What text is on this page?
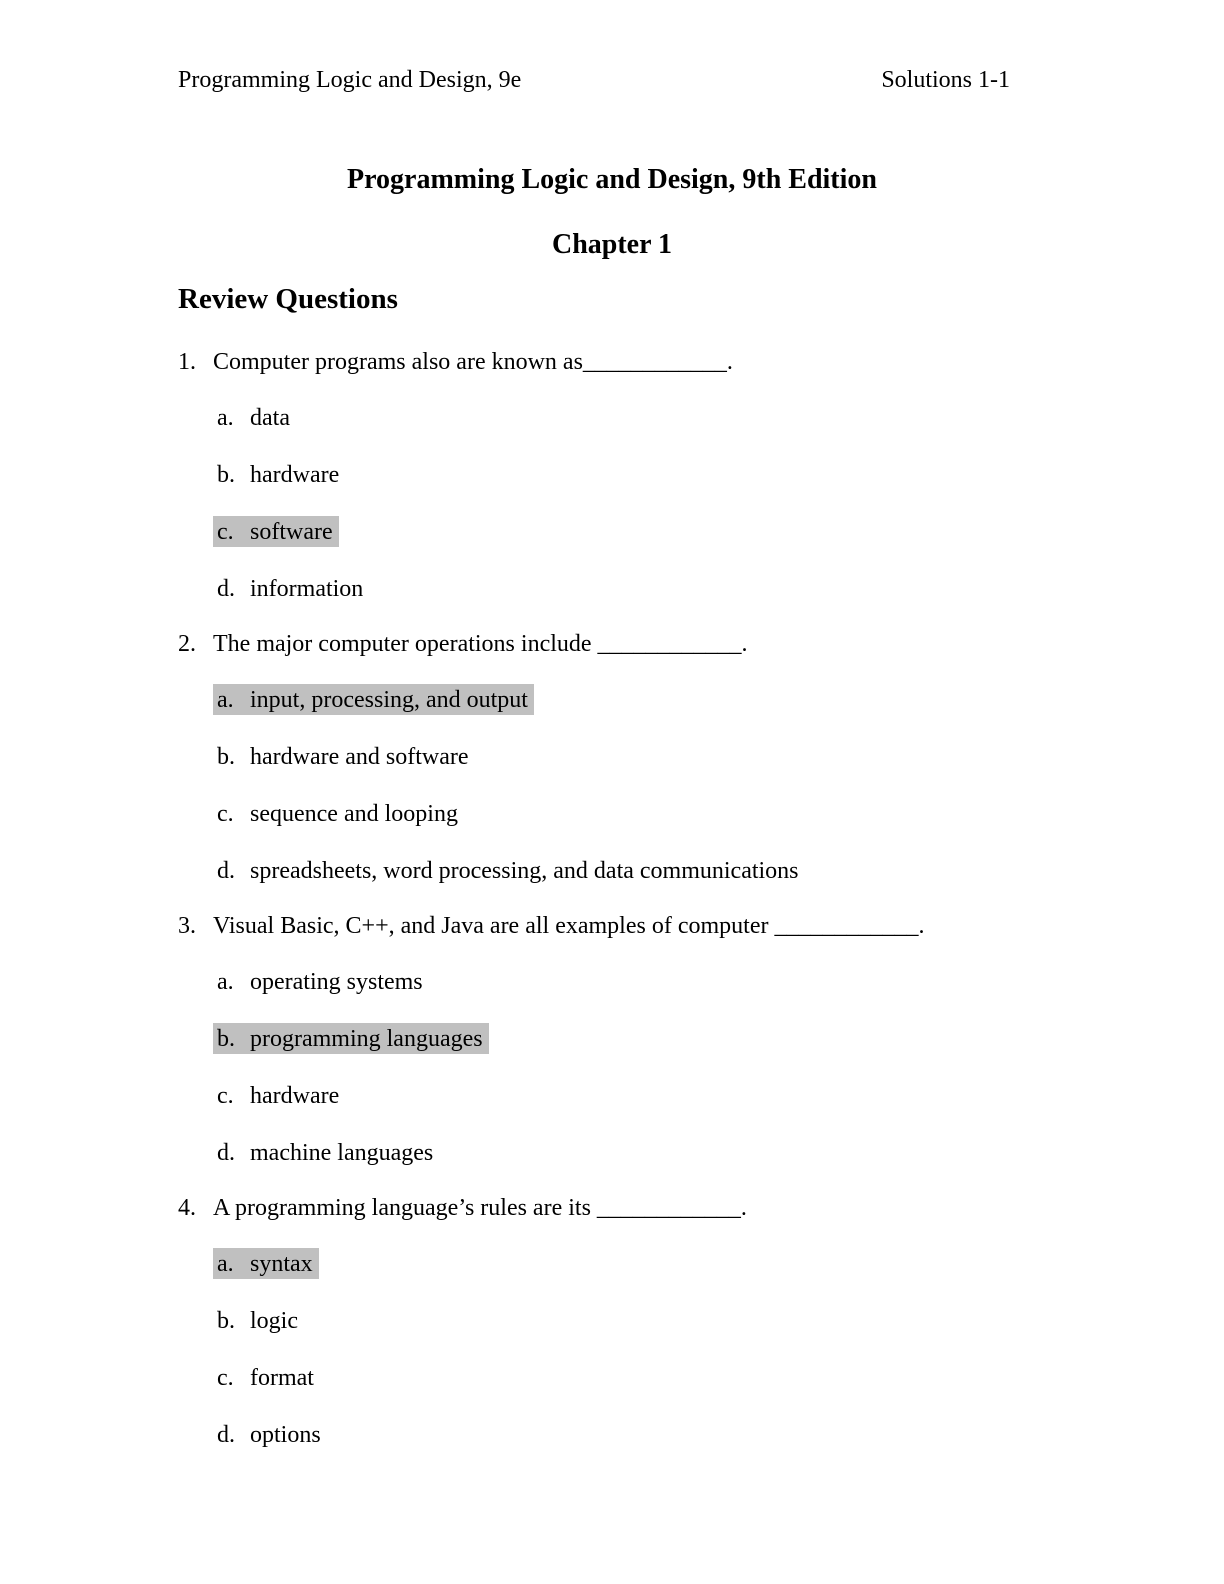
Programming Logic and Design, 9e	Solutions 1-1
Programming Logic and Design, 9th Edition
Chapter 1
Review Questions
1. Computer programs also are known as____________.
a. data
b. hardware
c. software
d. information
2. The major computer operations include ____________.
a. input, processing, and output
b. hardware and software
c. sequence and looping
d. spreadsheets, word processing, and data communications
3. Visual Basic, C++, and Java are all examples of computer ____________.
a. operating systems
b. programming languages
c. hardware
d. machine languages
4. A programming language’s rules are its ____________.
a. syntax
b. logic
c. format
d. options
